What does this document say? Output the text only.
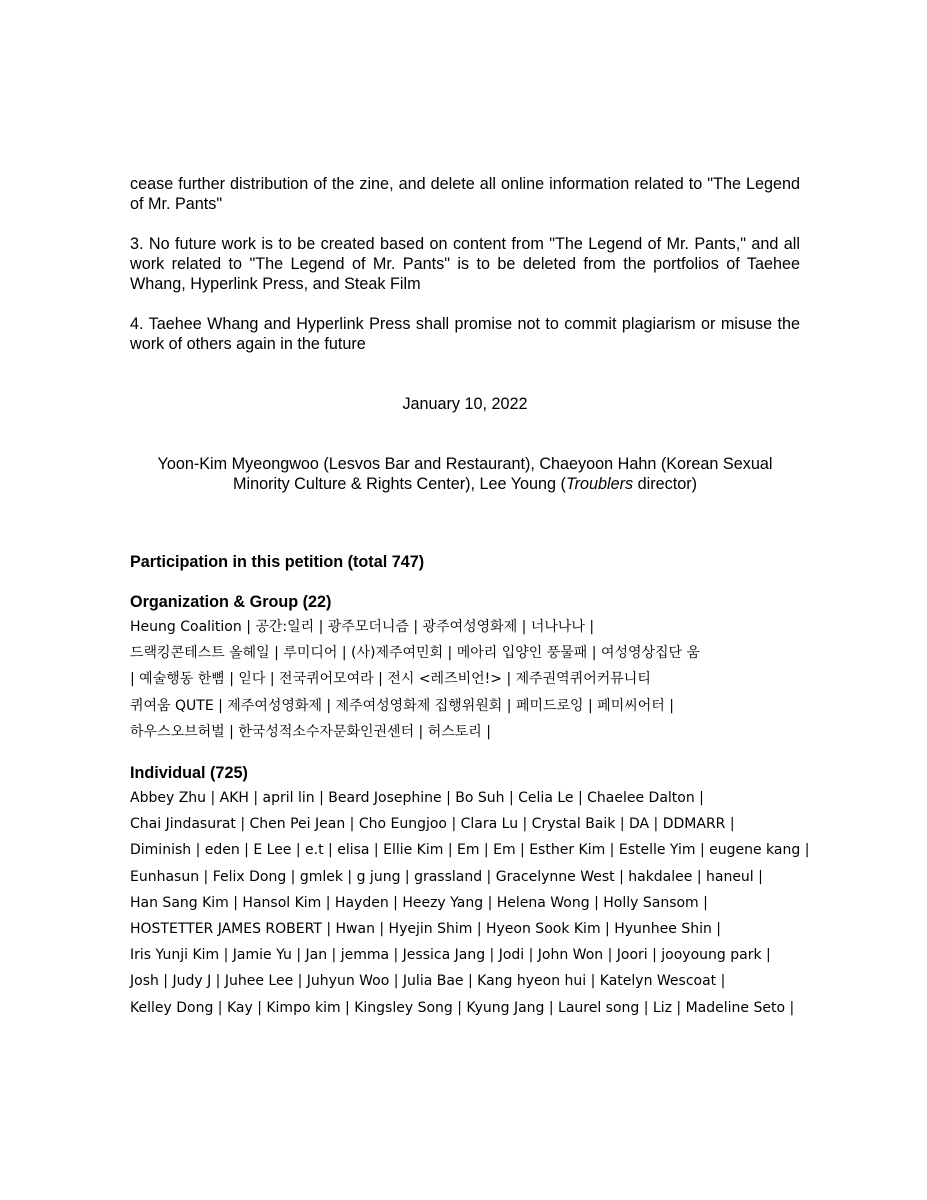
cease further distribution of the zine, and delete all online information related to "The Legend of Mr. Pants"

3. No future work is to be created based on content from "The Legend of Mr. Pants," and all work related to "The Legend of Mr. Pants" is to be deleted from the portfolios of Taehee Whang, Hyperlink Press, and Steak Film

4. Taehee Whang and Hyperlink Press shall promise not to commit plagiarism or misuse the work of others again in the future

January 10, 2022

Yoon-Kim Myeongwoo (Lesvos Bar and Restaurant), Chaeyoon Hahn (Korean Sexual
Minority Culture & Rights Center), Lee Young (Troublers director)

Participation in this petition (total 747)

Organization & Group (22)

Heung Coalition | 공간:일리 | 광주모더니즘 | 광주여성영화제 | 너나나나 |
드랙킹콘테스트 올헤일 | 루미디어 | (사)제주여민회 | 메아리 입양인 풍물패 | 여성영상집단 움
| 예술행동 한뼘 | 읻다 | 전국퀴어모여라 | 전시 <레즈비언!> | 제주권역퀴어커뮤니티
퀴여움 QUTE | 제주여성영화제 | 제주여성영화제 집행위원회 | 페미드로잉 | 페미씨어터 |
하우스오브허벌 | 한국성적소수자문화인권센터 | 허스토리 |

Individual (725)

Abbey Zhu | AKH | april lin | Beard Josephine | Bo Suh | Celia Le | Chaelee Dalton |
Chai Jindasurat | Chen Pei Jean | Cho Eungjoo | Clara Lu | Crystal Baik | DA | DDMARR |
Diminish | eden | E Lee | e.t | elisa | Ellie Kim | Em | Em | Esther Kim | Estelle Yim | eugene kang |
Eunhasun | Felix Dong | gmlek | g jung | grassland | Gracelynne West | hakdalee | haneul |
Han Sang Kim | Hansol Kim | Hayden | Heezy Yang | Helena Wong | Holly Sansom |
HOSTETTER JAMES ROBERT | Hwan | Hyejin Shim | Hyeon Sook Kim | Hyunhee Shin |
Iris Yunji Kim | Jamie Yu | Jan | jemma | Jessica Jang | Jodi | John Won | Joori | jooyoung park |
Josh | Judy J | Juhee Lee | Juhyun Woo | Julia Bae | Kang hyeon hui | Katelyn Wescoat |
Kelley Dong | Kay | Kimpo kim | Kingsley Song | Kyung Jang | Laurel song | Liz | Madeline Seto |
